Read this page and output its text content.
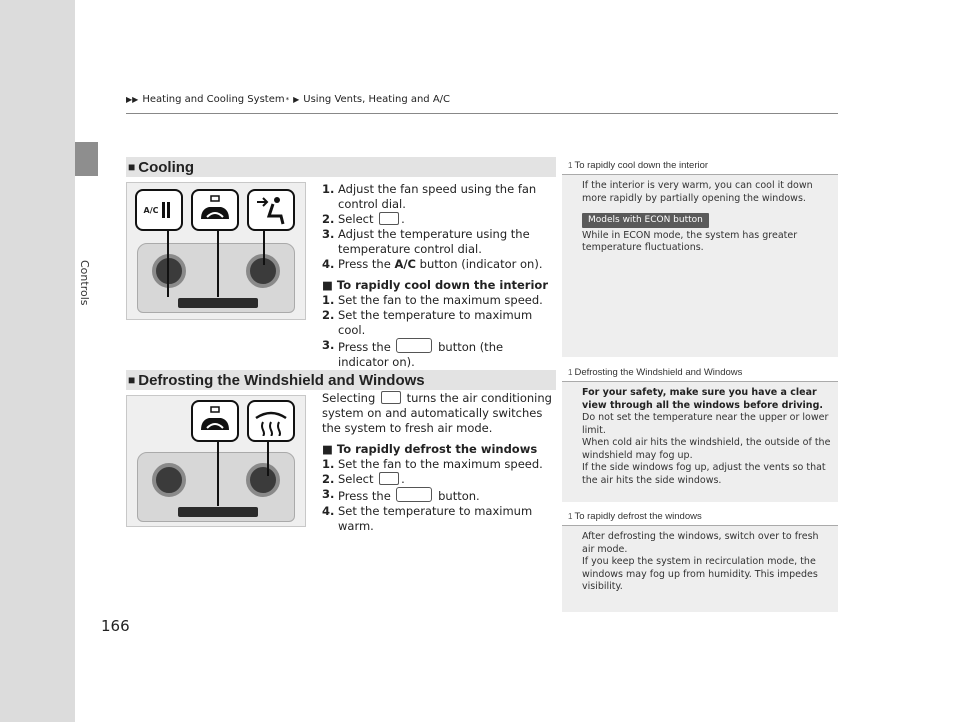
Controls
166
▶▶ Heating and Cooling System * ▶ Using Vents, Heating and A/C
■ Cooling
A/C
1. Adjust the fan speed using the fan control dial.
2. Select .
3. Adjust the temperature using the temperature control dial.
4. Press the A/C button (indicator on).
■ To rapidly cool down the interior
1. Set the fan to the maximum speed.
2. Set the temperature to maximum cool.
3. Press the	button (the indicator on).
■ Defrosting the Windshield and Windows
Selecting	turns the air conditioning system on and automatically switches the system to fresh air mode.
■ To rapidly defrost the windows
1. Set the fan to the maximum speed.
2. Select .
3. Press the	button.
4. Set the temperature to maximum warm.
1 To rapidly cool down the interior
If the interior is very warm, you can cool it down more rapidly by partially opening the windows.
Models with ECON button
While in ECON mode, the system has greater temperature fluctuations.
1 Defrosting the Windshield and Windows
For your safety, make sure you have a clear view through all the windows before driving.
Do not set the temperature near the upper or lower limit.
When cold air hits the windshield, the outside of the windshield may fog up.
If the side windows fog up, adjust the vents so that the air hits the side windows.
1 To rapidly defrost the windows
After defrosting the windows, switch over to fresh air mode.
If you keep the system in recirculation mode, the windows may fog up from humidity. This impedes visibility.
